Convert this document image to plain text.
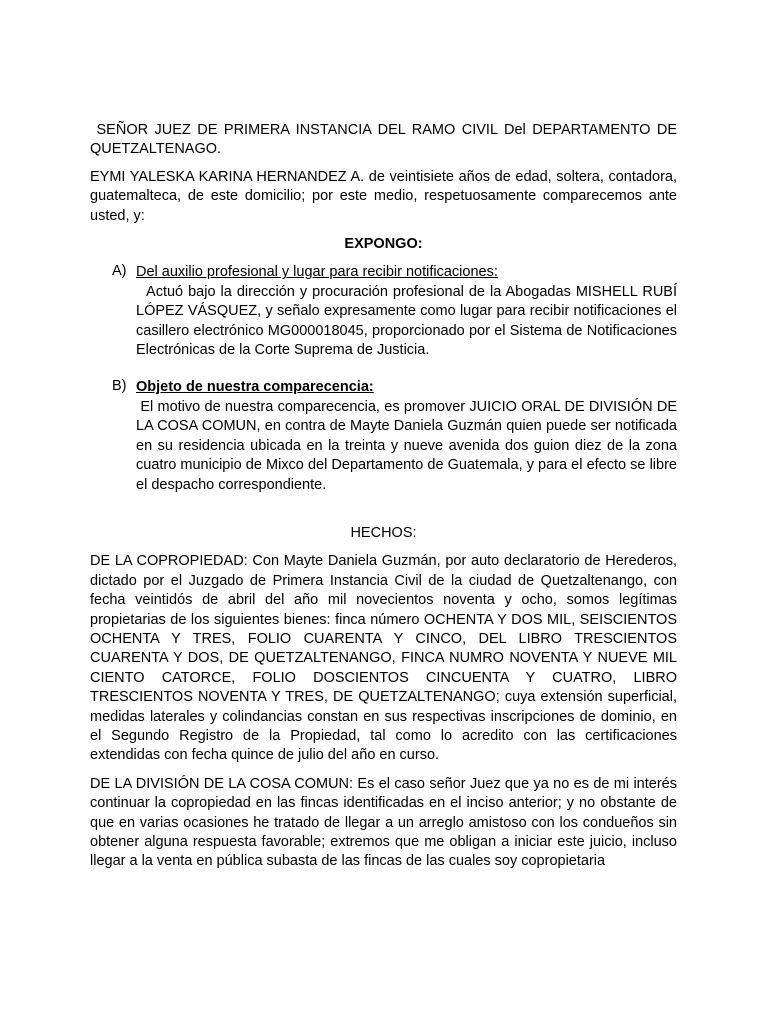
SEÑOR JUEZ DE PRIMERA INSTANCIA DEL RAMO CIVIL Del DEPARTAMENTO DE QUETZALTENAGO.

EYMI YALESKA KARINA HERNANDEZ A. de veintisiete años de edad, soltera, contadora, guatemalteca, de este domicilio; por este medio, respetuosamente comparecemos ante usted, y:

EXPONGO:

A) Del auxilio profesional y lugar para recibir notificaciones:

Actuó bajo la dirección y procuración profesional de la Abogadas MISHELL RUBÍ LÓPEZ VÁSQUEZ, y señalo expresamente como lugar para recibir notificaciones el casillero electrónico MG000018045, proporcionado por el Sistema de Notificaciones Electrónicas de la Corte Suprema de Justicia.

B) Objeto de nuestra comparecencia:

El motivo de nuestra comparecencia, es promover JUICIO ORAL DE DIVISIÓN DE LA COSA COMUN, en contra de Mayte Daniela Guzmán quien puede ser notificada en su residencia ubicada en la treinta y nueve avenida dos guion diez de la zona cuatro municipio de Mixco del Departamento de Guatemala, y para el efecto se libre el despacho correspondiente.

HECHOS:

DE LA COPROPIEDAD: Con Mayte Daniela Guzmán, por auto declaratorio de Herederos, dictado por el Juzgado de Primera Instancia Civil de la ciudad de Quetzaltenango, con fecha veintidós de abril del año mil novecientos noventa y ocho, somos legítimas propietarias de los siguientes bienes: finca número OCHENTA Y DOS MIL, SEISCIENTOS OCHENTA Y TRES, FOLIO CUARENTA Y CINCO, DEL LIBRO TRESCIENTOS CUARENTA Y DOS, DE QUETZALTENANGO, FINCA NUMRO NOVENTA Y NUEVE MIL CIENTO CATORCE, FOLIO DOSCIENTOS CINCUENTA Y CUATRO, LIBRO TRESCIENTOS NOVENTA Y TRES, DE QUETZALTENANGO; cuya extensión superficial, medidas laterales y colindancias constan en sus respectivas inscripciones de dominio, en el Segundo Registro de la Propiedad, tal como lo acredito con las certificaciones extendidas con fecha quince de julio del año en curso.

DE LA DIVISIÓN DE LA COSA COMUN: Es el caso señor Juez que ya no es de mi interés continuar la copropiedad en las fincas identificadas en el inciso anterior; y no obstante de que en varias ocasiones he tratado de llegar a un arreglo amistoso con los condueños sin obtener alguna respuesta favorable; extremos que me obligan a iniciar este juicio, incluso llegar a la venta en pública subasta de las fincas de las cuales soy copropietaria
